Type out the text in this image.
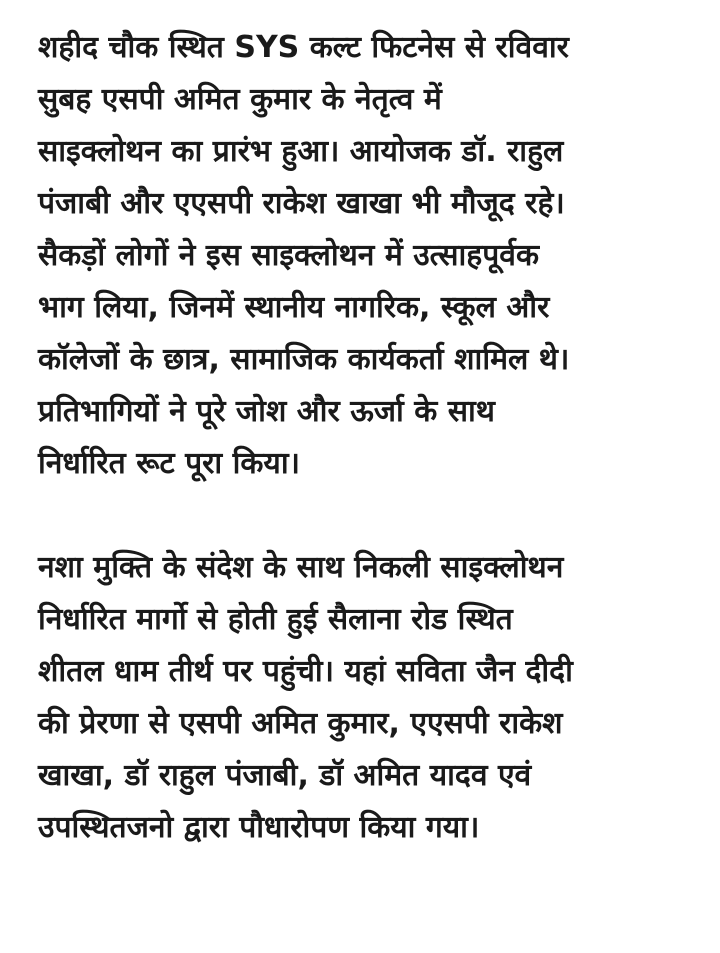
शहीद चौक स्थित SYS कल्ट फिटनेस से रविवार
सुबह एसपी अमित कुमार के नेतृत्व में
साइक्लोथन का प्रारंभ हुआ। आयोजक डॉ. राहुल
पंजाबी और एएसपी राकेश खाखा भी मौजूद रहे।
सैकड़ों लोगों ने इस साइक्लोथन में उत्साहपूर्वक
भाग लिया, जिनमें स्थानीय नागरिक, स्कूल और
कॉलेजों के छात्र, सामाजिक कार्यकर्ता शामिल थे।
प्रतिभागियों ने पूरे जोश और ऊर्जा के साथ
निर्धारित रूट पूरा किया।

नशा मुक्ति के संदेश के साथ निकली साइक्लोथन
निर्धारित मार्गो से होती हुई सैलाना रोड स्थित
शीतल धाम तीर्थ पर पहुंची। यहां सविता जैन दीदी
की प्रेरणा से एसपी अमित कुमार, एएसपी राकेश
खाखा, डॉ राहुल पंजाबी, डॉ अमित यादव एवं
उपस्थितजनो द्वारा पौधारोपण किया गया।
